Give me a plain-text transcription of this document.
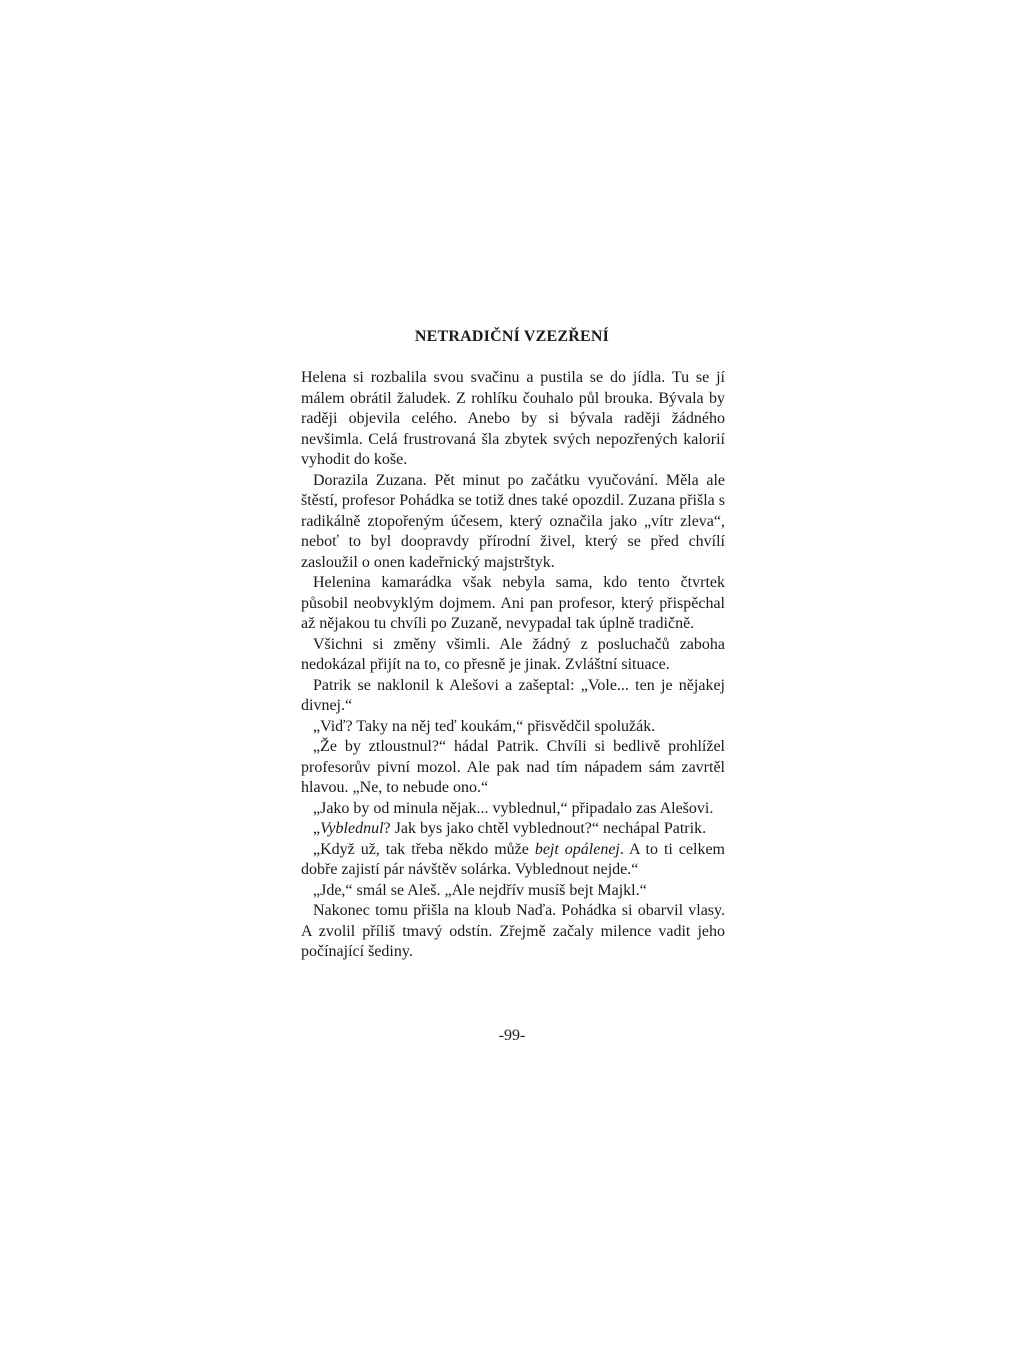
NETRADIČNÍ VZEZŘENÍ

Helena si rozbalila svou svačinu a pustila se do jídla. Tu se jí málem obrátil žaludek. Z rohlíku čouhalo půl brouka. Bývala by raději objevila celého. Anebo by si bývala raději žádného nevšimla. Celá frustrovaná šla zbytek svých nepozřených kalorií vyhodit do koše.

Dorazila Zuzana. Pět minut po začátku vyučování. Měla ale štěstí, profesor Pohádka se totiž dnes také opozdil. Zuzana přišla s radikálně ztopořeným účesem, který označila jako „vítr zleva“, neboť to byl doopravdy přírodní živel, který se před chvílí zasloužil o onen kadeřnický majstrštyk.

Helenina kamarádka však nebyla sama, kdo tento čtvrtek působil neobvyklým dojmem. Ani pan profesor, který přispěchal až nějakou tu chvíli po Zuzaně, nevypadal tak úplně tradičně.

Všichni si změny všimli. Ale žádný z posluchačů zaboha nedokázal přijít na to, co přesně je jinak. Zvláštní situace.

Patrik se naklonil k Alešovi a zašeptal: „Vole... ten je nějakej divnej.“

„Viď? Taky na něj teď koukám,“ přisvědčil spolužák.

„Že by ztloustnul?“ hádal Patrik. Chvíli si bedlivě prohlížel profesorův pivní mozol. Ale pak nad tím nápadem sám zavrtěl hlavou. „Ne, to nebude ono.“

„Jako by od minula nějak... vyblednul,“ připadalo zas Alešovi.

„Vyblednul? Jak bys jako chtěl vyblednout?“ nechápal Patrik.

„Když už, tak třeba někdo může bejt opálenej. A to ti celkem dobře zajistí pár návštěv solárka. Vyblednout nejde.“

„Jde,“ smál se Aleš. „Ale nejdřív musíš bejt Majkl.“

Nakonec tomu přišla na kloub Naďa. Pohádka si obarvil vlasy. A zvolil příliš tmavý odstín. Zřejmě začaly milence vadit jeho počínající šediny.

-99-
